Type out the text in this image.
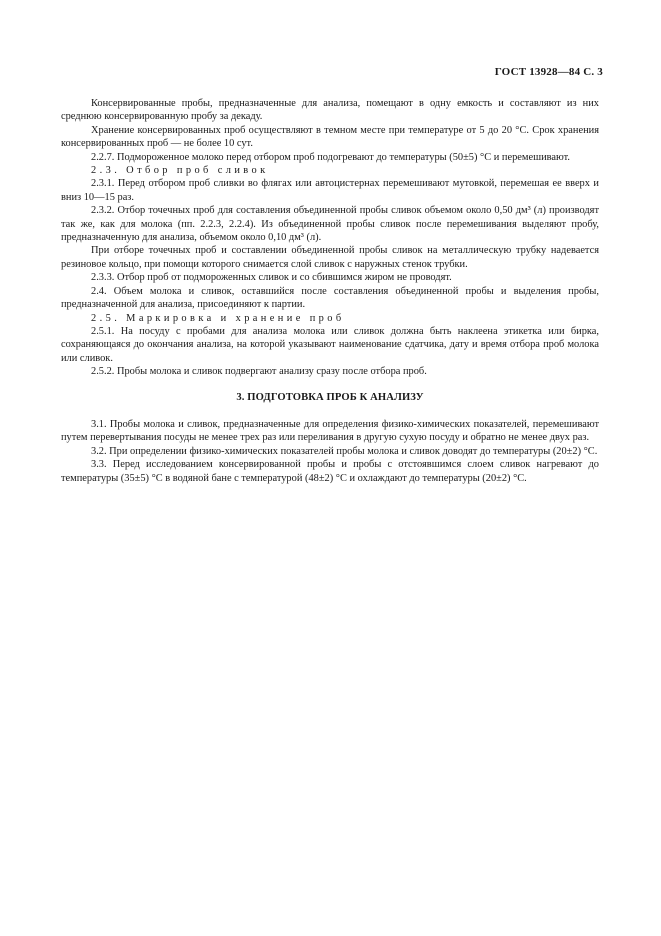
ГОСТ 13928—84 С. 3

Консервированные пробы, предназначенные для анализа, помещают в одну емкость и составляют из них среднюю консервированную пробу за декаду.

Хранение консервированных проб осуществляют в темном месте при температуре от 5 до 20 °С. Срок хранения консервированных проб — не более 10 сут.

2.2.7. Подмороженное молоко перед отбором проб подогревают до температуры (50±5) °С и перемешивают.

2.3. Отбор проб сливок

2.3.1. Перед отбором проб сливки во флягах или автоцистернах перемешивают мутовкой, перемешая ее вверх и вниз 10—15 раз.

2.3.2. Отбор точечных проб для составления объединенной пробы сливок объемом около 0,50 дм³ (л) производят так же, как для молока (пп. 2.2.3, 2.2.4). Из объединенной пробы сливок после перемешивания выделяют пробу, предназначенную для анализа, объемом около 0,10 дм³ (л).

При отборе точечных проб и составлении объединенной пробы сливок на металлическую трубку надевается резиновое кольцо, при помощи которого снимается слой сливок с наружных стенок трубки.

2.3.3. Отбор проб от подмороженных сливок и со сбившимся жиром не проводят.

2.4. Объем молока и сливок, оставшийся после составления объединенной пробы и выделения пробы, предназначенной для анализа, присоединяют к партии.

2.5. Маркировка и хранение проб

2.5.1. На посуду с пробами для анализа молока или сливок должна быть наклеена этикетка или бирка, сохраняющаяся до окончания анализа, на которой указывают наименование сдатчика, дату и время отбора проб молока или сливок.

2.5.2. Пробы молока и сливок подвергают анализу сразу после отбора проб.

3. ПОДГОТОВКА ПРОБ К АНАЛИЗУ

3.1. Пробы молока и сливок, предназначенные для определения физико-химических показателей, перемешивают путем перевертывания посуды не менее трех раз или переливания в другую сухую посуду и обратно не менее двух раз.

3.2. При определении физико-химических показателей пробы молока и сливок доводят до температуры (20±2) °С.

3.3. Перед исследованием консервированной пробы и пробы с отстоявшимся слоем сливок нагревают до температуры (35±5) °С в водяной бане с температурой (48±2) °С и охлаждают до температуры (20±2) °С.
